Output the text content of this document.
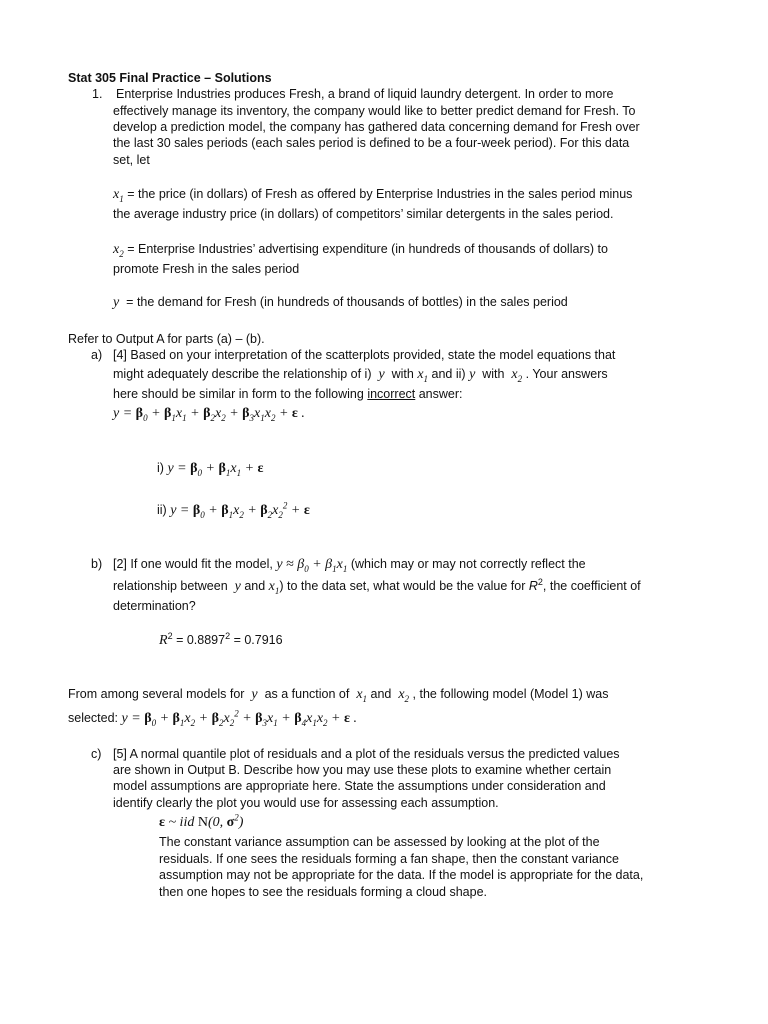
Stat 305 Final Practice – Solutions
1. Enterprise Industries produces Fresh, a brand of liquid laundry detergent. In order to more
effectively manage its inventory, the company would like to better predict demand for Fresh. To
develop a prediction model, the company has gathered data concerning demand for Fresh over
the last 30 sales periods (each sales period is defined to be a four-week period). For this data
set, let
$x_1$ = the price (in dollars) of Fresh as offered by Enterprise Industries in the sales period minus
the average industry price (in dollars) of competitors’ similar detergents in the sales period.
$x_2$ = Enterprise Industries’ advertising expenditure (in hundreds of thousands of dollars) to
promote Fresh in the sales period
y = the demand for Fresh (in hundreds of thousands of bottles) in the sales period
Refer to Output A for parts (a) – (b).
a) [4] Based on your interpretation of the scatterplots provided, state the model equations that
might adequately describe the relationship of i) y with $x_1$ and ii) y with $x_2$ . Your answers
here should be similar in form to the following incorrect answer:
$y = \beta_0 + \beta_1x_1 + \beta_2x_2 + \beta_3x_1x_2 + \varepsilon$ .
i) $y = \beta_0 + \beta_1x_1 + \varepsilon$
ii) $y = \beta_0 + \beta_1x_2 + \beta_2x_2^2 + \varepsilon$
b) [2] If one would fit the model, $y \approx \beta_0 + \beta_1x_1$ (which may or may not correctly reflect the
relationship between y and $x_1$) to the data set, what would be the value for $R^2$, the coefficient of
determination?
$R^2 = 0.8897^2 = 0.7916$
From among several models for y as a function of $x_1$ and $x_2$ , the following model (Model 1) was
selected: $y = \beta_0 + \beta_1x_2 + \beta_2x_2^2 + \beta_3x_1 + \beta_4x_1x_2 + \varepsilon$ .
c) [5] A normal quantile plot of residuals and a plot of the residuals versus the predicted values
are shown in Output B. Describe how you may use these plots to examine whether certain
model assumptions are appropriate here. State the assumptions under consideration and
identify clearly the plot you would use for assessing each assumption.
ε ~ iid N(0, $\sigma^2$)
The constant variance assumption can be assessed by looking at the plot of the
residuals. If one sees the residuals forming a fan shape, then the constant variance
assumption may not be appropriate for the data. If the model is appropriate for the data,
then one hopes to see the residuals forming a cloud shape.
